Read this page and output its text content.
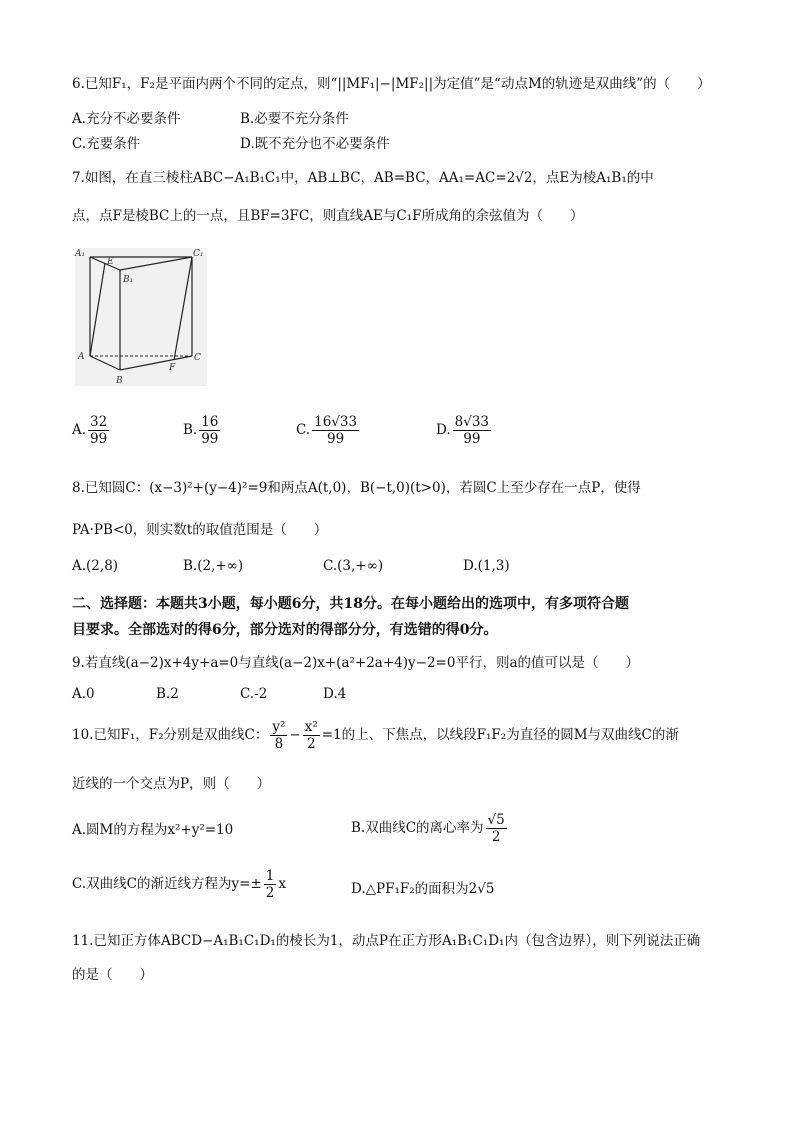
6.已知F₁，F₂是平面内两个不同的定点，则“||MF₁|−|MF₂||为定值”是“动点M的轨迹是双曲线”的（　　）
A.充分不必要条件	B.必要不充分条件
C.充要条件	D.既不充分也不必要条件
7.如图，在直三棱柱ABC−A₁B₁C₁中，AB⊥BC，AB=BC，AA₁=AC=2√2，点E为棱A₁B₁的中
点，点F是棱BC上的一点，且BF=3FC，则直线AE与C₁F所成角的余弦值为（　　）
A₁
E
C₁
B₁
A	C
F
B
A. $\frac{32}{99}$	B. $\frac{16}{99}$	C. $\frac{16√33}{99}$	D. $\frac{8√33}{99}$
8.已知圆C：(x−3)²+(y−4)²=9和两点A(t,0)，B(−t,0)(t>0)，若圆C上至少存在一点P，使得
PA·PB<0，则实数t的取值范围是（　　）
A.(2,8)	B.(2,+∞)	C.(3,+∞)	D.(1,3)
二、选择题：本题共3小题，每小题6分，共18分。在每小题给出的选项中，有多项符合题
目要求。全部选对的得6分，部分选对的得部分分，有选错的得0分。
9.若直线(a−2)x+4y+a=0与直线(a−2)x+(a²+2a+4)y−2=0平行，则a的值可以是（　　）
A.0	B.2	C.-2	D.4
10.已知F₁，F₂分别是双曲线C： $\frac{\text{y²}}{8} - \frac{\text{x²}}{2} =1$的上、下焦点，以线段F₁F₂为直径的圆M与双曲线C的渐
近线的一个交点为P，则（　　）
A.圆M的方程为x²+y²=10	B.双曲线C的离心率为 $\frac{√5}{2}$
C.双曲线C的渐近线方程为$y=\pm \frac{1}{2}$ x	D.△PF₁F₂的面积为2√5
11.已知正方体ABCD−A₁B₁C₁D₁的棱长为1，动点P在正方形A₁B₁C₁D₁内（包含边界），则下列说法正确
的是（　　）
